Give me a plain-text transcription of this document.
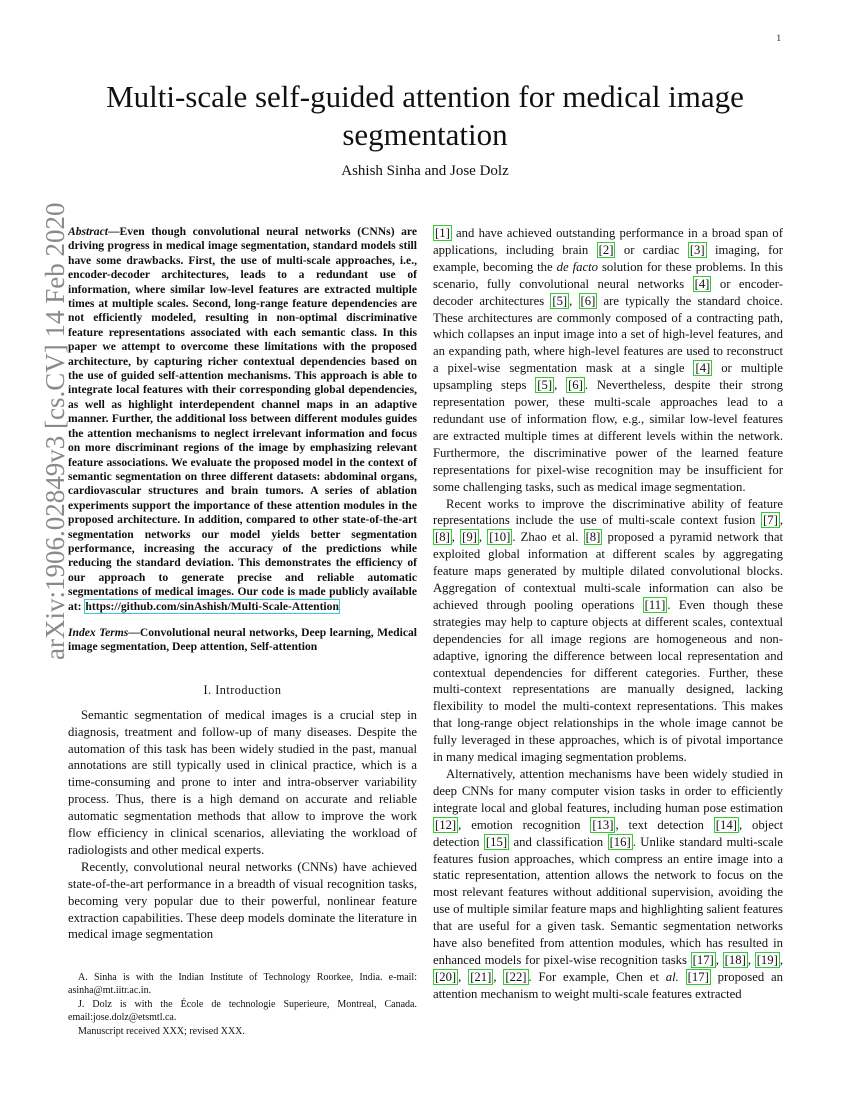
1
arXiv:1906.02849v3 [cs.CV] 14 Feb 2020
Multi-scale self-guided attention for medical image segmentation
Ashish Sinha and Jose Dolz

Abstract—Even though convolutional neural networks (CNNs) are driving progress in medical image segmentation, standard models still have some drawbacks. First, the use of multi-scale approaches, i.e., encoder-decoder architectures, leads to a redundant use of information, where similar low-level features are extracted multiple times at multiple scales. Second, long-range feature dependencies are not efficiently modeled, resulting in non-optimal discriminative feature representations associated with each semantic class. In this paper we attempt to overcome these limitations with the proposed architecture, by capturing richer contextual dependencies based on the use of guided self-attention mechanisms. This approach is able to integrate local features with their corresponding global dependencies, as well as highlight interdependent channel maps in an adaptive manner. Further, the additional loss between different modules guides the attention mechanisms to neglect irrelevant information and focus on more discriminant regions of the image by emphasizing relevant feature associations. We evaluate the proposed model in the context of semantic segmentation on three different datasets: abdominal organs, cardiovascular structures and brain tumors. A series of ablation experiments support the importance of these attention modules in the proposed architecture. In addition, compared to other state-of-the-art segmentation networks our model yields better segmentation performance, increasing the accuracy of the predictions while reducing the standard deviation. This demonstrates the efficiency of our approach to generate precise and reliable automatic segmentations of medical images. Our code is made publicly available at: https://github.com/sinAshish/Multi-Scale-Attention

Index Terms—Convolutional neural networks, Deep learning, Medical image segmentation, Deep attention, Self-attention

I. Introduction

Semantic segmentation of medical images is a crucial step in diagnosis, treatment and follow-up of many diseases. Despite the automation of this task has been widely studied in the past, manual annotations are still typically used in clinical practice, which is a time-consuming and prone to inter and intra-observer variability process. Thus, there is a high demand on accurate and reliable automatic segmentation methods that allow to improve the work flow efficiency in clinical scenarios, alleviating the workload of radiologists and other medical experts.

Recently, convolutional neural networks (CNNs) have achieved state-of-the-art performance in a breadth of visual recognition tasks, becoming very popular due to their powerful, nonlinear feature extraction capabilities. These deep models dominate the literature in medical image segmentation

A. Sinha is with the Indian Institute of Technology Roorkee, India. e-mail: asinha@mt.iitr.ac.in.

J. Dolz is with the École de technologie Superieure, Montreal, Canada. email:jose.dolz@etsmtl.ca.

Manuscript received XXX; revised XXX.

[1] and have achieved outstanding performance in a broad span of applications, including brain [2] or cardiac [3] imaging, for example, becoming the de facto solution for these problems. In this scenario, fully convolutional neural networks [4] or encoder-decoder architectures [5] , [6] are typically the standard choice. These architectures are commonly composed of a contracting path, which collapses an input image into a set of high-level features, and an expanding path, where high-level features are used to reconstruct a pixel-wise segmentation mask at a single [4] or multiple upsampling steps [5] , [6] . Nevertheless, despite their strong representation power, these multi-scale approaches lead to a redundant use of information flow, e.g., similar low-level features are extracted multiple times at different levels within the network. Furthermore, the discriminative power of the learned feature representations for pixel-wise recognition may be insufficient for some challenging tasks, such as medical image segmentation.

Recent works to improve the discriminative ability of feature representations include the use of multi-scale context fusion [7] , [8] , [9] , [10] . Zhao et al. [8] proposed a pyramid network that exploited global information at different scales by aggregating feature maps generated by multiple dilated convolutional blocks. Aggregation of contextual multi-scale information can also be achieved through pooling operations [11] . Even though these strategies may help to capture objects at different scales, contextual dependencies for all image regions are homogeneous and non-adaptive, ignoring the difference between local representation and contextual dependencies for different categories. Further, these multi-context representations are manually designed, lacking flexibility to model the multi-context representations. This makes that long-range object relationships in the whole image cannot be fully leveraged in these approaches, which is of pivotal importance in many medical imaging segmentation problems.

Alternatively, attention mechanisms have been widely studied in deep CNNs for many computer vision tasks in order to efficiently integrate local and global features, including human pose estimation [12] , emotion recognition [13] , text detection [14] , object detection [15] and classification [16] . Unlike standard multi-scale features fusion approaches, which compress an entire image into a static representation, attention allows the network to focus on the most relevant features without additional supervision, avoiding the use of multiple similar feature maps and highlighting salient features that are useful for a given task. Semantic segmentation networks have also benefited from attention modules, which has resulted in enhanced models for pixel-wise recognition tasks [17] , [18] , [19] , [20] , [21] , [22] . For example, Chen et al. [17] proposed an attention mechanism to weight multi-scale features extracted
